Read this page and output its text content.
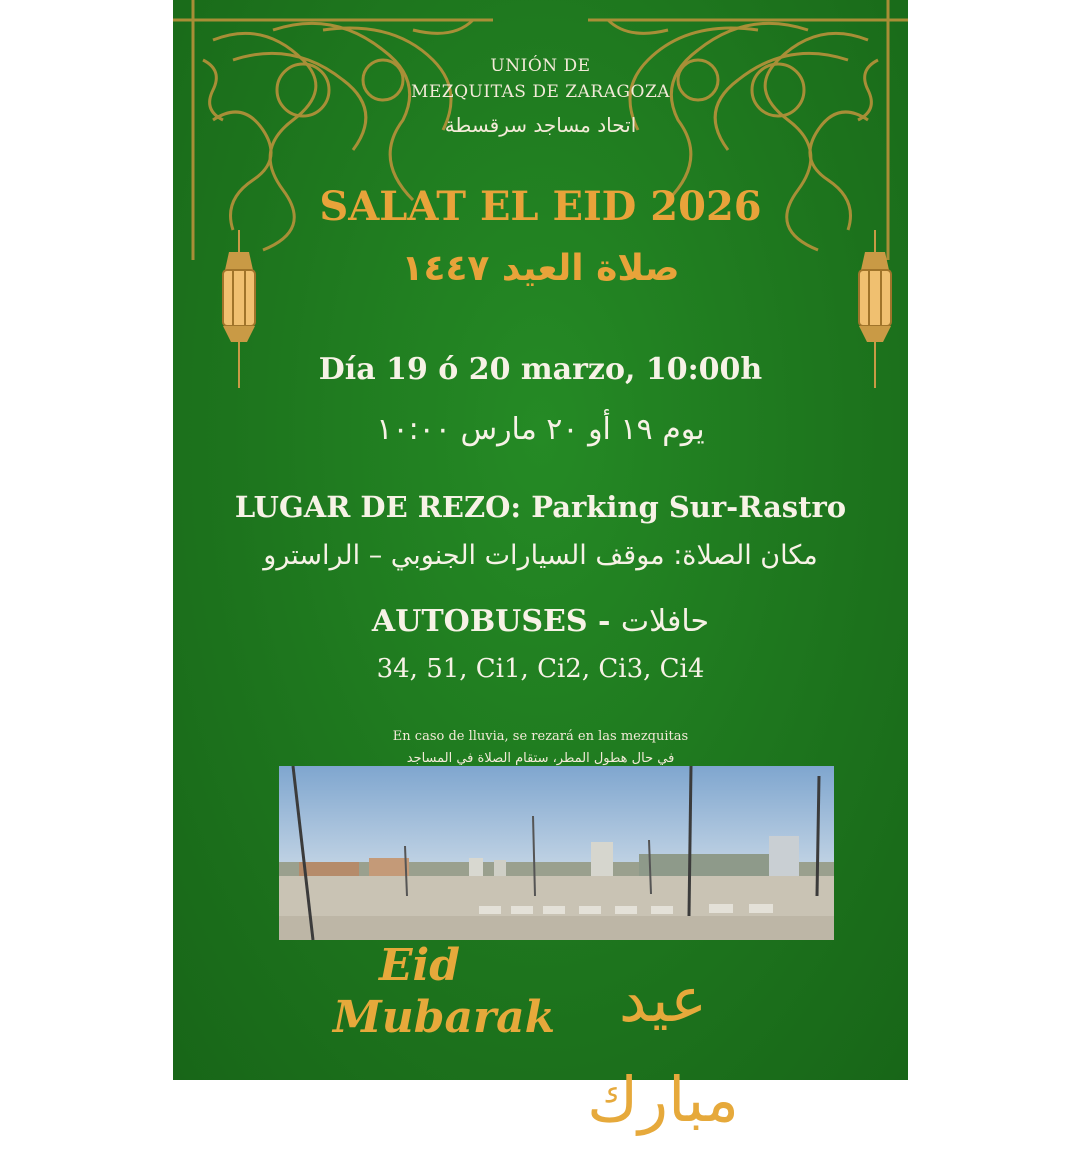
UNIÓN DE
MEZQUITAS DE ZARAGOZA
اتحاد مساجد سرقسطة
SALAT EL EID 2026
صلاة العيد ١٤٤٧
Día 19 ó 20 marzo, 10:00h
يوم ١٩ أو ٢٠ مارس ١٠:٠٠
LUGAR DE REZO: Parking Sur-Rastro
مكان الصلاة: موقف السيارات الجنوبي – الراسترو
AUTOBUSES - حافلات
34, 51, Ci1, Ci2, Ci3, Ci4
En caso de lluvia, se rezará en las mezquitas
في حال هطول المطر، ستقام الصلاة في المساجد
Eid
Mubarak	عيد مبارك
